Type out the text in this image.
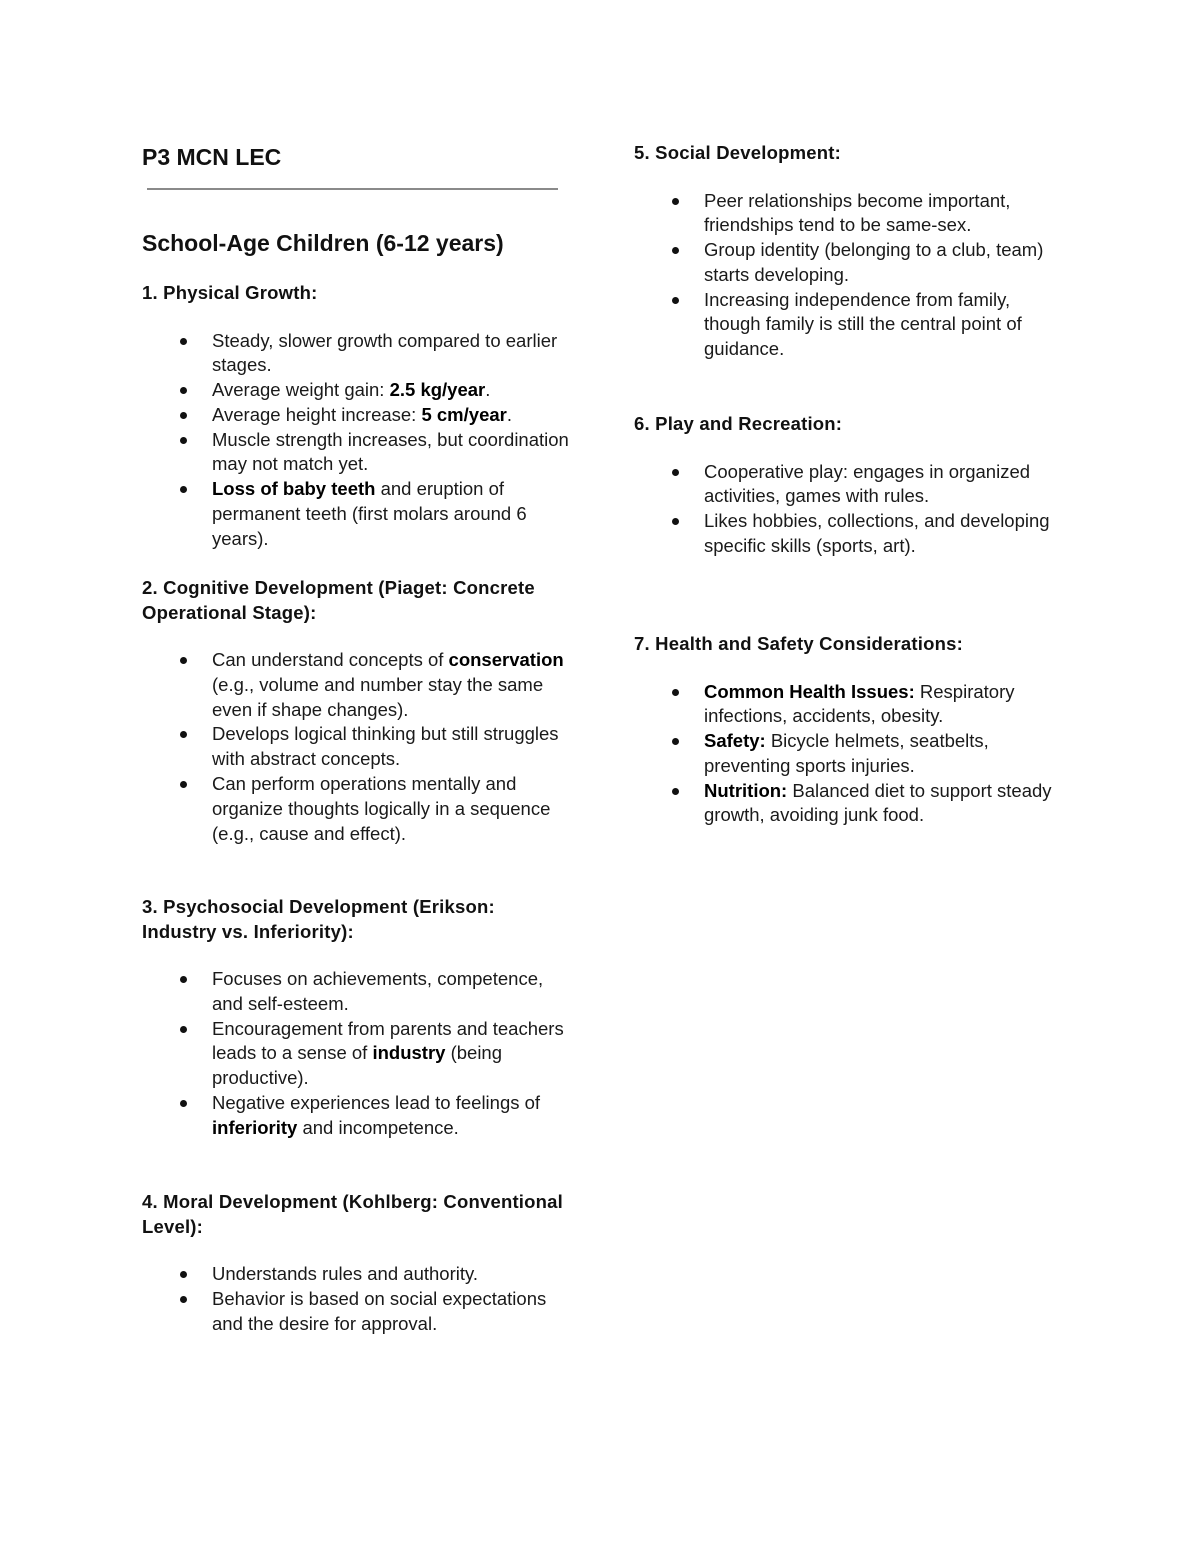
P3 MCN LEC
School-Age Children (6-12 years)
1. Physical Growth:
Steady, slower growth compared to earlier stages.
Average weight gain: 2.5 kg/year.
Average height increase: 5 cm/year.
Muscle strength increases, but coordination may not match yet.
Loss of baby teeth and eruption of permanent teeth (first molars around 6 years).
2. Cognitive Development (Piaget: Concrete Operational Stage):
Can understand concepts of conservation (e.g., volume and number stay the same even if shape changes).
Develops logical thinking but still struggles with abstract concepts.
Can perform operations mentally and organize thoughts logically in a sequence (e.g., cause and effect).
3. Psychosocial Development (Erikson: Industry vs. Inferiority):
Focuses on achievements, competence, and self-esteem.
Encouragement from parents and teachers leads to a sense of industry (being productive).
Negative experiences lead to feelings of inferiority and incompetence.
4. Moral Development (Kohlberg: Conventional Level):
Understands rules and authority.
Behavior is based on social expectations and the desire for approval.
5. Social Development:
Peer relationships become important, friendships tend to be same-sex.
Group identity (belonging to a club, team) starts developing.
Increasing independence from family, though family is still the central point of guidance.
6. Play and Recreation:
Cooperative play: engages in organized activities, games with rules.
Likes hobbies, collections, and developing specific skills (sports, art).
7. Health and Safety Considerations:
Common Health Issues: Respiratory infections, accidents, obesity.
Safety: Bicycle helmets, seatbelts, preventing sports injuries.
Nutrition: Balanced diet to support steady growth, avoiding junk food.
